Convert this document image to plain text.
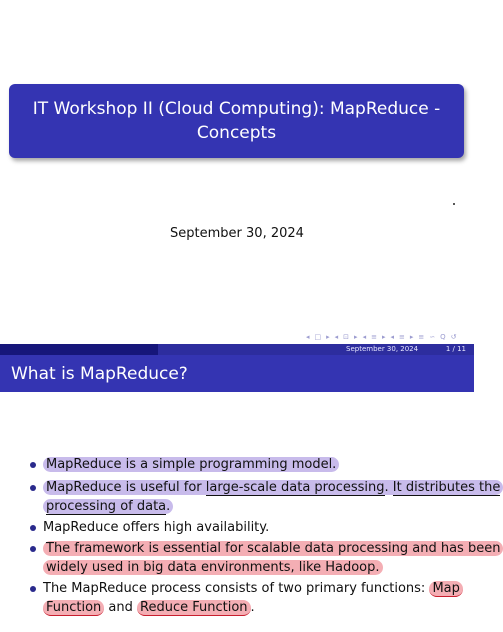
IT Workshop II (Cloud Computing): MapReduce - Concepts
September 30, 2024
◂ □ ▸ ◂ ⊡ ▸ ◂ ≡ ▸ ◂ ≡ ▸ ≡ ∽ Q ↺
September 30, 2024	1 / 11
What is MapReduce?
MapReduce is a simple programming model.
MapReduce is useful for large-scale data processing. It distributes the
processing of data.
MapReduce offers high availability.
The framework is essential for scalable data processing and has been
widely used in big data environments, like Hadoop.
The MapReduce process consists of two primary functions: Map
Function and Reduce Function .
